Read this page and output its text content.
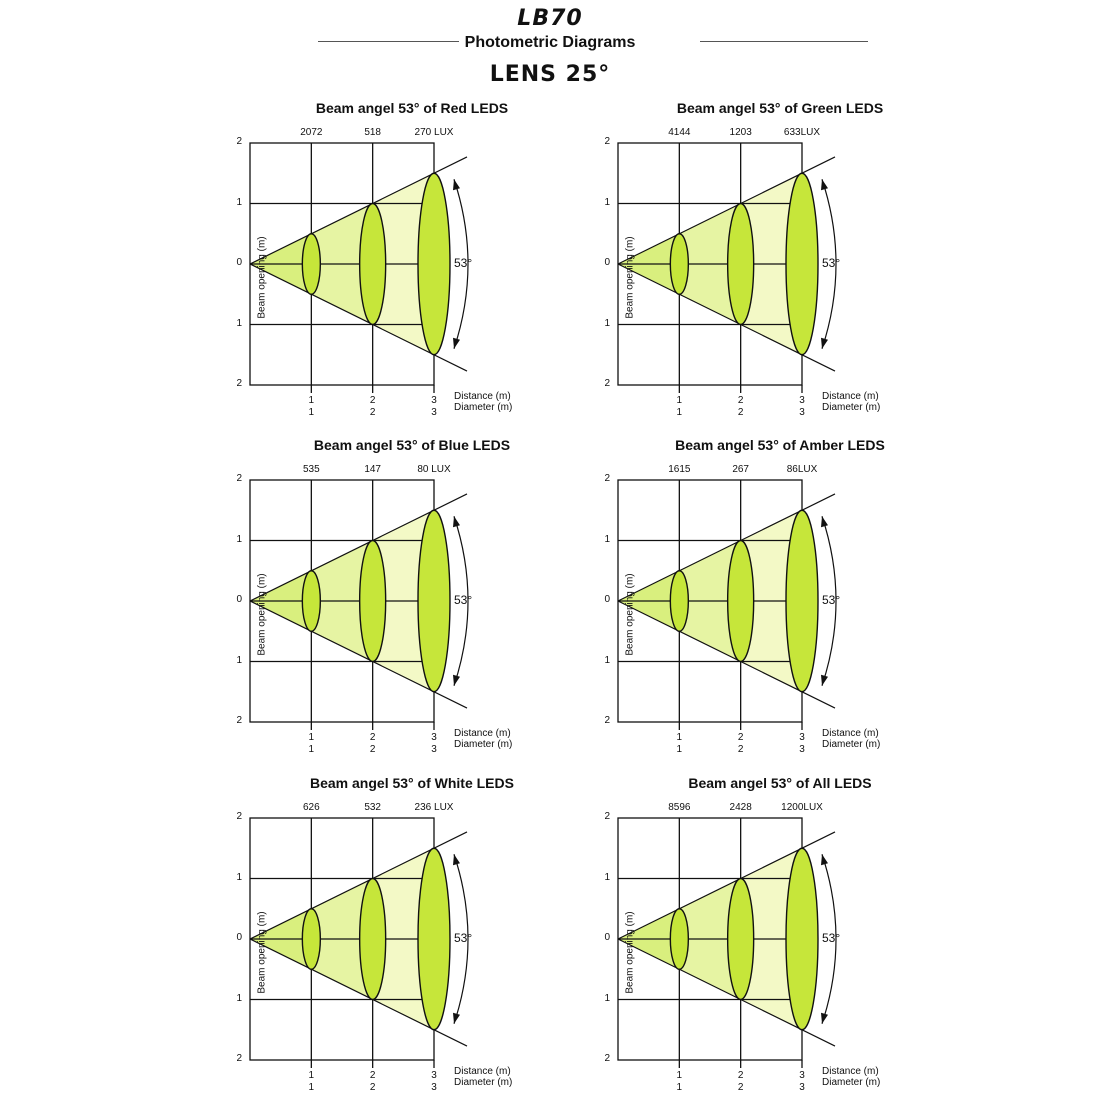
LB70
Photometric Diagrams
LENS 25°
Beam angel 53° of Red LEDS
Beam opening (m)
2072	518	270 LUX
2
1
0
1
2
1
1
2
2
3
3
Distance (m)
Diameter (m)
53°
Beam angel 53° of Green LEDS
Beam opening (m)
4144	1203	633LUX
2
1
0
1
2
1
1
2
2
3
3
Distance (m)
Diameter (m)
53°
Beam angel 53° of Blue LEDS
Beam opening (m)
535	147	80 LUX
2
1
0
1
2
1
1
2
2
3
3
Distance (m)
Diameter (m)
53°
Beam angel 53° of Amber LEDS
Beam opening (m)
1615	267	86LUX
2
1
0
1
2
1
1
2
2
3
3
Distance (m)
Diameter (m)
53°
Beam angel 53° of White LEDS
Beam opening (m)
626	532	236 LUX
2
1
0
1
2
1
1
2
2
3
3
Distance (m)
Diameter (m)
53°
Beam angel 53° of All LEDS
Beam opening (m)
8596	2428	1200LUX
2
1
0
1
2
1
1
2
2
3
3
Distance (m)
Diameter (m)
53°
